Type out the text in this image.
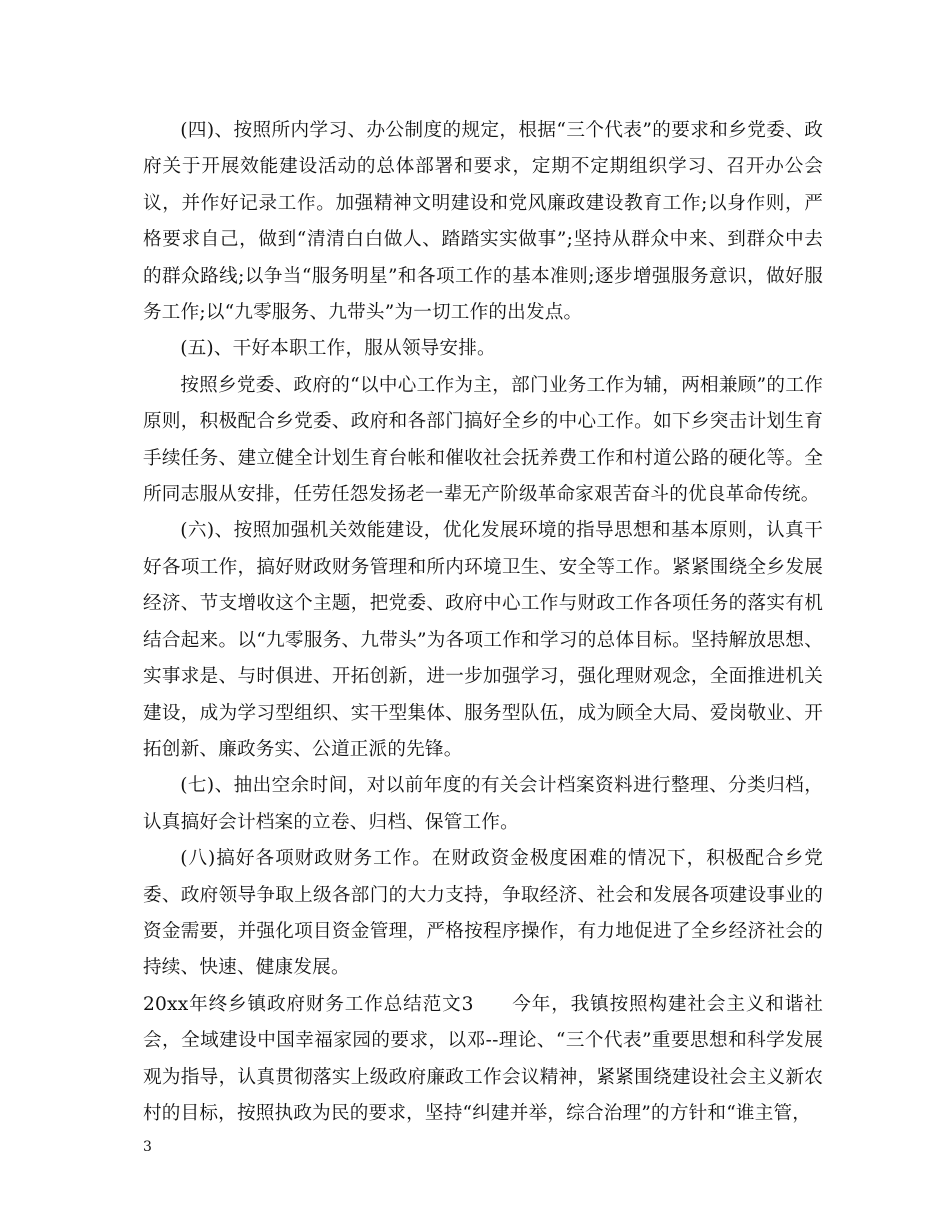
(四)、按照所内学习、办公制度的规定，根据“三个代表”的要求和乡党委、政府关于开展效能建设活动的总体部署和要求，定期不定期组织学习、召开办公会议，并作好记录工作。加强精神文明建设和党风廉政建设教育工作;以身作则，严格要求自己，做到“清清白白做人、踏踏实实做事”;坚持从群众中来、到群众中去的群众路线;以争当“服务明星”和各项工作的基本准则;逐步增强服务意识，做好服务工作;以“九零服务、九带头”为一切工作的出发点。

(五)、干好本职工作，服从领导安排。

按照乡党委、政府的“以中心工作为主，部门业务工作为辅，两相兼顾”的工作原则，积极配合乡党委、政府和各部门搞好全乡的中心工作。如下乡突击计划生育手续任务、建立健全计划生育台帐和催收社会抚养费工作和村道公路的硬化等。全所同志服从安排，任劳任怨发扬老一辈无产阶级革命家艰苦奋斗的优良革命传统。

(六)、按照加强机关效能建设，优化发展环境的指导思想和基本原则，认真干好各项工作，搞好财政财务管理和所内环境卫生、安全等工作。紧紧围绕全乡发展经济、节支增收这个主题，把党委、政府中心工作与财政工作各项任务的落实有机结合起来。以“九零服务、九带头”为各项工作和学习的总体目标。坚持解放思想、实事求是、与时俱进、开拓创新，进一步加强学习，强化理财观念，全面推进机关建设，成为学习型组织、实干型集体、服务型队伍，成为顾全大局、爱岗敬业、开拓创新、廉政务实、公道正派的先锋。

(七)、抽出空余时间，对以前年度的有关会计档案资料进行整理、分类归档，认真搞好会计档案的立卷、归档、保管工作。

(八)搞好各项财政财务工作。在财政资金极度困难的情况下，积极配合乡党委、政府领导争取上级各部门的大力支持，争取经济、社会和发展各项建设事业的资金需要，并强化项目资金管理，严格按程序操作，有力地促进了全乡经济社会的持续、快速、健康发展。

20xx年终乡镇政府财务工作总结范文3 今年，我镇按照构建社会主义和谐社会，全域建设中国幸福家园的要求，以邓--理论、“三个代表”重要思想和科学发展观为指导，认真贯彻落实上级政府廉政工作会议精神，紧紧围绕建设社会主义新农村的目标，按照执政为民的要求，坚持“纠建并举，综合治理”的方针和“谁主管，

3
